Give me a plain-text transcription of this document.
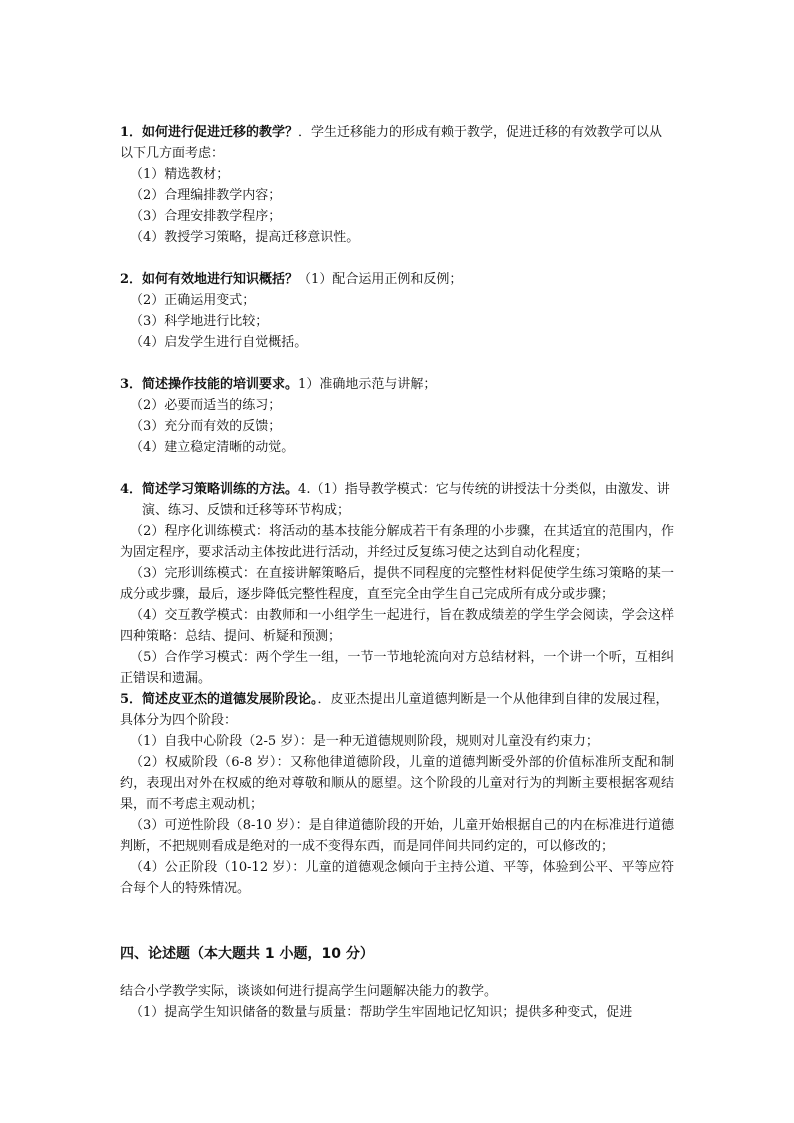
1．如何进行促进迁移的教学？．学生迁移能力的形成有赖于教学，促进迁移的有效教学可以从以下几方面考虑：

（1）精选教材；

（2）合理编排教学内容；

（3）合理安排教学程序；

（4）教授学习策略，提高迁移意识性。

2．如何有效地进行知识概括？（1）配合运用正例和反例；

（2）正确运用变式；

（3）科学地进行比较；

（4）启发学生进行自觉概括。

3．简述操作技能的培训要求。1）准确地示范与讲解；

（2）必要而适当的练习；

（3）充分而有效的反馈；

（4）建立稳定清晰的动觉。

4．简述学习策略训练的方法。4.（1）指导教学模式：它与传统的讲授法十分类似，由激发、讲演、练习、反馈和迁移等环节构成；

（2）程序化训练模式：将活动的基本技能分解成若干有条理的小步骤，在其适宜的范围内，作为固定程序，要求活动主体按此进行活动，并经过反复练习使之达到自动化程度；

（3）完形训练模式：在直接讲解策略后，提供不同程度的完整性材料促使学生练习策略的某一成分或步骤，最后，逐步降低完整性程度，直至完全由学生自己完成所有成分或步骤；

（4）交互教学模式：由教师和一小组学生一起进行，旨在教成绩差的学生学会阅读，学会这样四种策略：总结、提问、析疑和预测；

（5）合作学习模式：两个学生一组，一节一节地轮流向对方总结材料，一个讲一个听，互相纠正错误和遗漏。

5．简述皮亚杰的道德发展阶段论。．皮亚杰提出儿童道德判断是一个从他律到自律的发展过程，具体分为四个阶段：

（1）自我中心阶段（2-5 岁）：是一种无道德规则阶段，规则对儿童没有约束力；

（2）权威阶段（6-8 岁）：又称他律道德阶段，儿童的道德判断受外部的价值标准所支配和制约，表现出对外在权威的绝对尊敬和顺从的愿望。这个阶段的儿童对行为的判断主要根据客观结果，而不考虑主观动机；

（3）可逆性阶段（8-10 岁）：是自律道德阶段的开始，儿童开始根据自己的内在标准进行道德判断，不把规则看成是绝对的一成不变得东西，而是同伴间共同约定的，可以修改的；

（4）公正阶段（10-12 岁）：儿童的道德观念倾向于主持公道、平等，体验到公平、平等应符合每个人的特殊情况。

四、论述题（本大题共 1 小题，10 分）

结合小学教学实际，谈谈如何进行提高学生问题解决能力的教学。

（1）提高学生知识储备的数量与质量：帮助学生牢固地记忆知识；提供多种变式，促进
